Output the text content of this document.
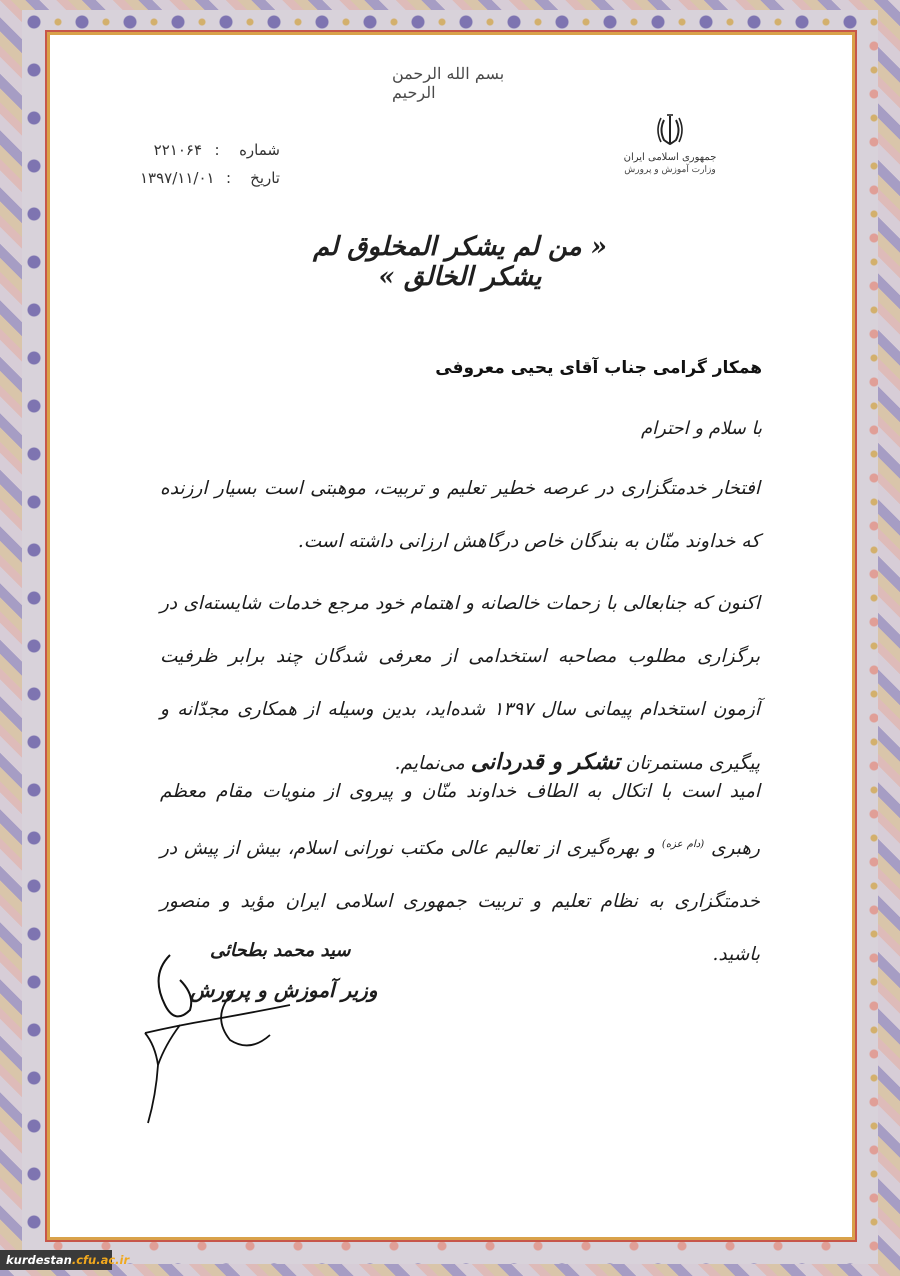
بسم الله الرحمن الرحیم
جمهوری اسلامی ایران
وزارت آموزش و پرورش
شماره
:
۲۲۱۰۶۴
تاریخ
:
۱۳۹۷/۱۱/۰۱
« من لم یشکر المخلوق لم یشکر الخالق »
همکار گرامی جناب آقای یحیی معروفی
با سلام و احترام
افتخار خدمتگزاری در عرصه خطیر تعلیم و تربیت، موهبتی است بسیار ارزنده که خداوند منّان به بندگان خاص درگاهش ارزانی داشته است.
اکنون که جنابعالی با زحمات خالصانه و اهتمام خود مرجع خدمات شایسته‌ای در برگزاری مطلوب مصاحبه استخدامی از معرفی شدگان چند برابر ظرفیت آزمون استخدام پیمانی سال ۱۳۹۷ شده‌اید، بدین وسیله از همکاری مجدّانه و پیگیری مستمرتان تشکر و قدردانی می‌نمایم.
امید است با اتکال به الطاف خداوند منّان و پیروی از منویات مقام معظم رهبری $^{(دام عزه)}$ و بهره‌گیری از تعالیم عالی مکتب نورانی اسلام، بیش از پیش در خدمتگزاری به نظام تعلیم و تربیت جمهوری اسلامی ایران مؤید و منصور باشید.
سید محمد بطحائی
وزیر آموزش و پرورش
kurdestan .cfu.ac.ir
